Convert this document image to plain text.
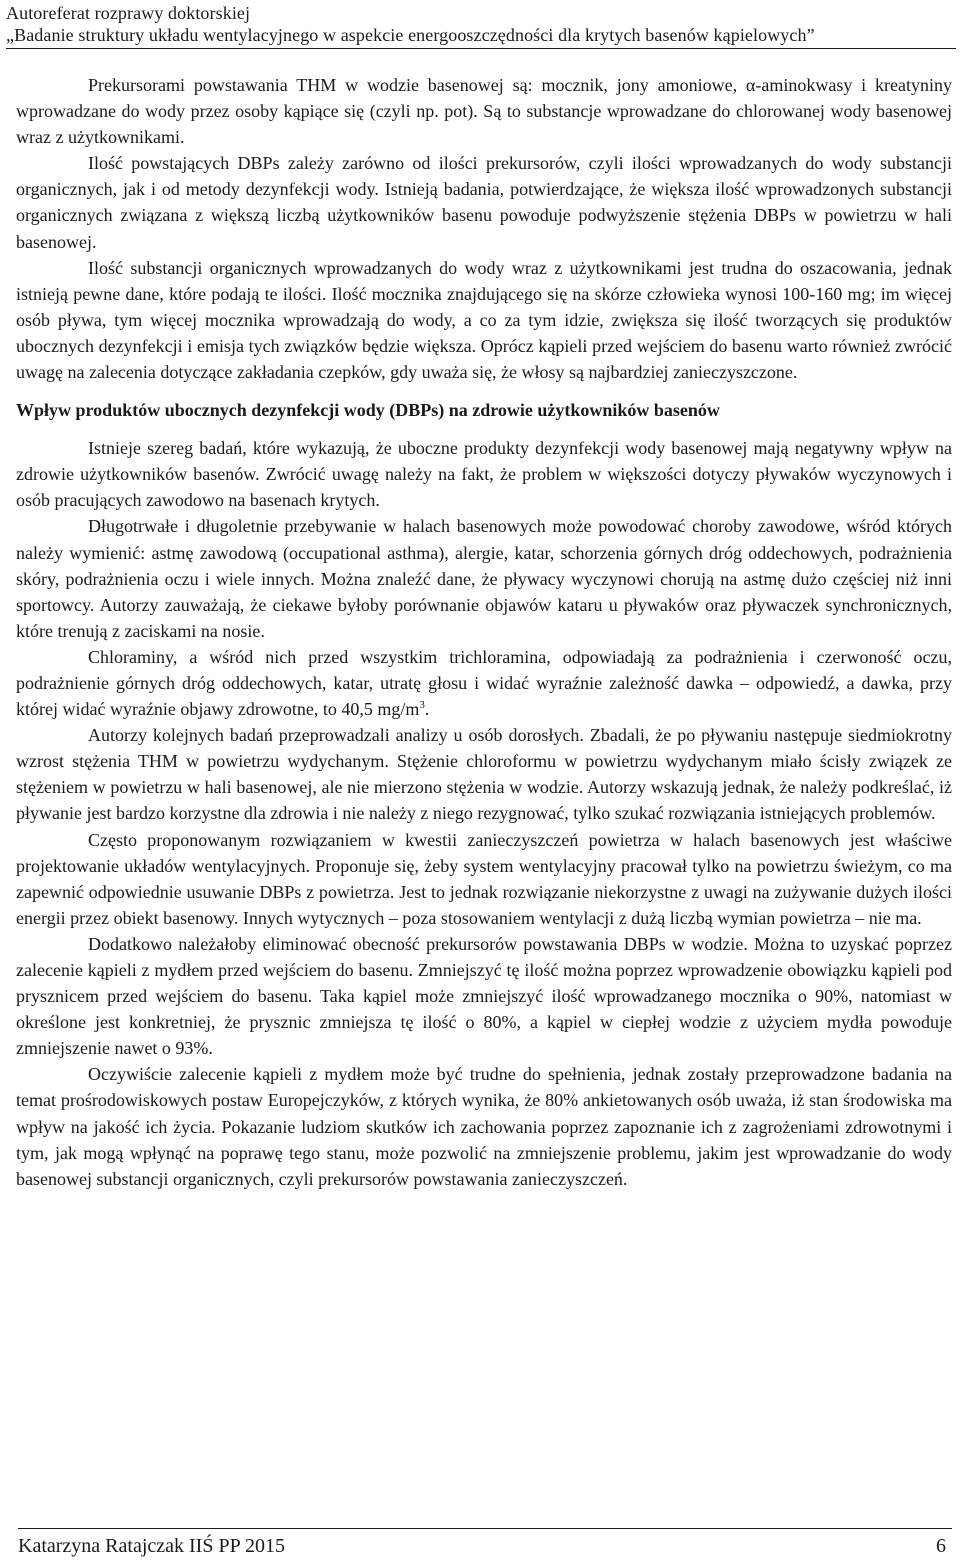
Autoreferat rozprawy doktorskiej
„Badanie struktury układu wentylacyjnego w aspekcie energooszczędności dla krytych basenów kąpielowych”

Prekursorami powstawania THM w wodzie basenowej są: mocznik, jony amoniowe, α-aminokwasy i kreatyniny wprowadzane do wody przez osoby kąpiące się (czyli np. pot). Są to substancje wprowadzane do chlorowanej wody basenowej wraz z użytkownikami.

Ilość powstających DBPs zależy zarówno od ilości prekursorów, czyli ilości wprowadzanych do wody substancji organicznych, jak i od metody dezynfekcji wody. Istnieją badania, potwierdzające, że większa ilość wprowadzonych substancji organicznych związana z większą liczbą użytkowników basenu powoduje podwyższenie stężenia DBPs w powietrzu w hali basenowej.

Ilość substancji organicznych wprowadzanych do wody wraz z użytkownikami jest trudna do oszacowania, jednak istnieją pewne dane, które podają te ilości. Ilość mocznika znajdującego się na skórze człowieka wynosi 100-160 mg; im więcej osób pływa, tym więcej mocznika wprowadzają do wody, a co za tym idzie, zwiększa się ilość tworzących się produktów ubocznych dezynfekcji i emisja tych związków będzie większa. Oprócz kąpieli przed wejściem do basenu warto również zwrócić uwagę na zalecenia dotyczące zakładania czepków, gdy uważa się, że włosy są najbardziej zanieczyszczone.

Wpływ produktów ubocznych dezynfekcji wody (DBPs) na zdrowie użytkowników basenów

Istnieje szereg badań, które wykazują, że uboczne produkty dezynfekcji wody basenowej mają negatywny wpływ na zdrowie użytkowników basenów. Zwrócić uwagę należy na fakt, że problem w większości dotyczy pływaków wyczynowych i osób pracujących zawodowo na basenach krytych.

Długotrwałe i długoletnie przebywanie w halach basenowych może powodować choroby zawodowe, wśród których należy wymienić: astmę zawodową (occupational asthma), alergie, katar, schorzenia górnych dróg oddechowych, podrażnienia skóry, podrażnienia oczu i wiele innych. Można znaleźć dane, że pływacy wyczynowi chorują na astmę dużo częściej niż inni sportowcy. Autorzy zauważają, że ciekawe byłoby porównanie objawów kataru u pływaków oraz pływaczek synchronicznych, które trenują z zaciskami na nosie.

Chloraminy, a wśród nich przed wszystkim trichloramina, odpowiadają za podrażnienia i czerwoność oczu, podrażnienie górnych dróg oddechowych, katar, utratę głosu i widać wyraźnie zależność dawka – odpowiedź, a dawka, przy której widać wyraźnie objawy zdrowotne, to 40,5 $mg/m^3$.

Autorzy kolejnych badań przeprowadzali analizy u osób dorosłych. Zbadali, że po pływaniu następuje siedmiokrotny wzrost stężenia THM w powietrzu wydychanym. Stężenie chloroformu w powietrzu wydychanym miało ścisły związek ze stężeniem w powietrzu w hali basenowej, ale nie mierzono stężenia w wodzie. Autorzy wskazują jednak, że należy podkreślać, iż pływanie jest bardzo korzystne dla zdrowia i nie należy z niego rezygnować, tylko szukać rozwiązania istniejących problemów.

Często proponowanym rozwiązaniem w kwestii zanieczyszczeń powietrza w halach basenowych jest właściwe projektowanie układów wentylacyjnych. Proponuje się, żeby system wentylacyjny pracował tylko na powietrzu świeżym, co ma zapewnić odpowiednie usuwanie DBPs z powietrza. Jest to jednak rozwiązanie niekorzystne z uwagi na zużywanie dużych ilości energii przez obiekt basenowy. Innych wytycznych – poza stosowaniem wentylacji z dużą liczbą wymian powietrza – nie ma.

Dodatkowo należałoby eliminować obecność prekursorów powstawania DBPs w wodzie. Można to uzyskać poprzez zalecenie kąpieli z mydłem przed wejściem do basenu. Zmniejszyć tę ilość można poprzez wprowadzenie obowiązku kąpieli pod prysznicem przed wejściem do basenu. Taka kąpiel może zmniejszyć ilość wprowadzanego mocznika o 90%, natomiast w określone jest konkretniej, że prysznic zmniejsza tę ilość o 80%, a kąpiel w ciepłej wodzie z użyciem mydła powoduje zmniejszenie nawet o 93%.

Oczywiście zalecenie kąpieli z mydłem może być trudne do spełnienia, jednak zostały przeprowadzone badania na temat prośrodowiskowych postaw Europejczyków, z których wynika, że 80% ankietowanych osób uważa, iż stan środowiska ma wpływ na jakość ich życia. Pokazanie ludziom skutków ich zachowania poprzez zapoznanie ich z zagrożeniami zdrowotnymi i tym, jak mogą wpłynąć na poprawę tego stanu, może pozwolić na zmniejszenie problemu, jakim jest wprowadzanie do wody basenowej substancji organicznych, czyli prekursorów powstawania zanieczyszczeń.

Katarzyna Ratajczak IIŚ PP 2015	6
